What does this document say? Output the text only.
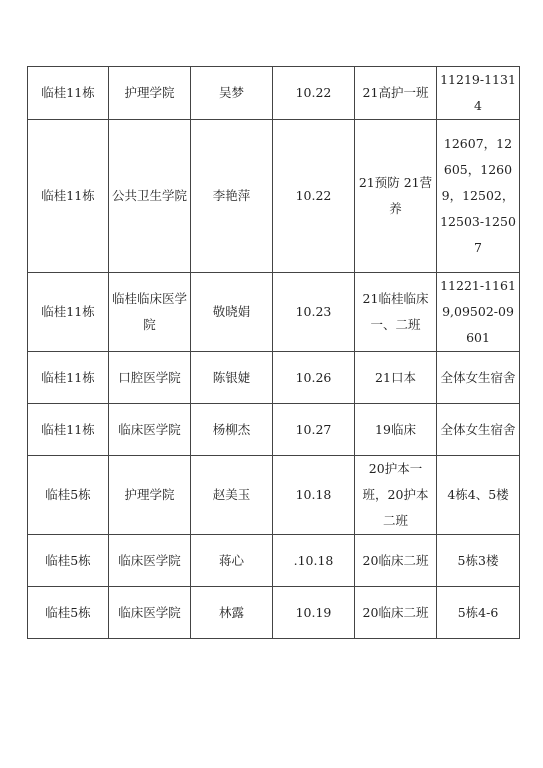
临桂11栋	护理学院	吴梦	10.22	21高护一班	11219-11314
临桂11栋	公共卫生学院	李艳萍	10.22	21预防 21营养	12607，12605，12609，12502，12503-12507
临桂11栋	临桂临床医学院	敬晓娟	10.23	21临桂临床一、二班	11221-11619,09502-09601
临桂11栋	口腔医学院	陈银婕	10.26	21口本	全体女生宿舍
临桂11栋	临床医学院	杨柳杰	10.27	19临床	全体女生宿舍
临桂5栋	护理学院	赵美玉	10.18	20护本一班，20护本二班	4栋4、5楼
临桂5栋	临床医学院	蒋心	.10.18	20临床二班	5栋3楼
临桂5栋	临床医学院	林露	10.19	20临床二班	5栋4-6
